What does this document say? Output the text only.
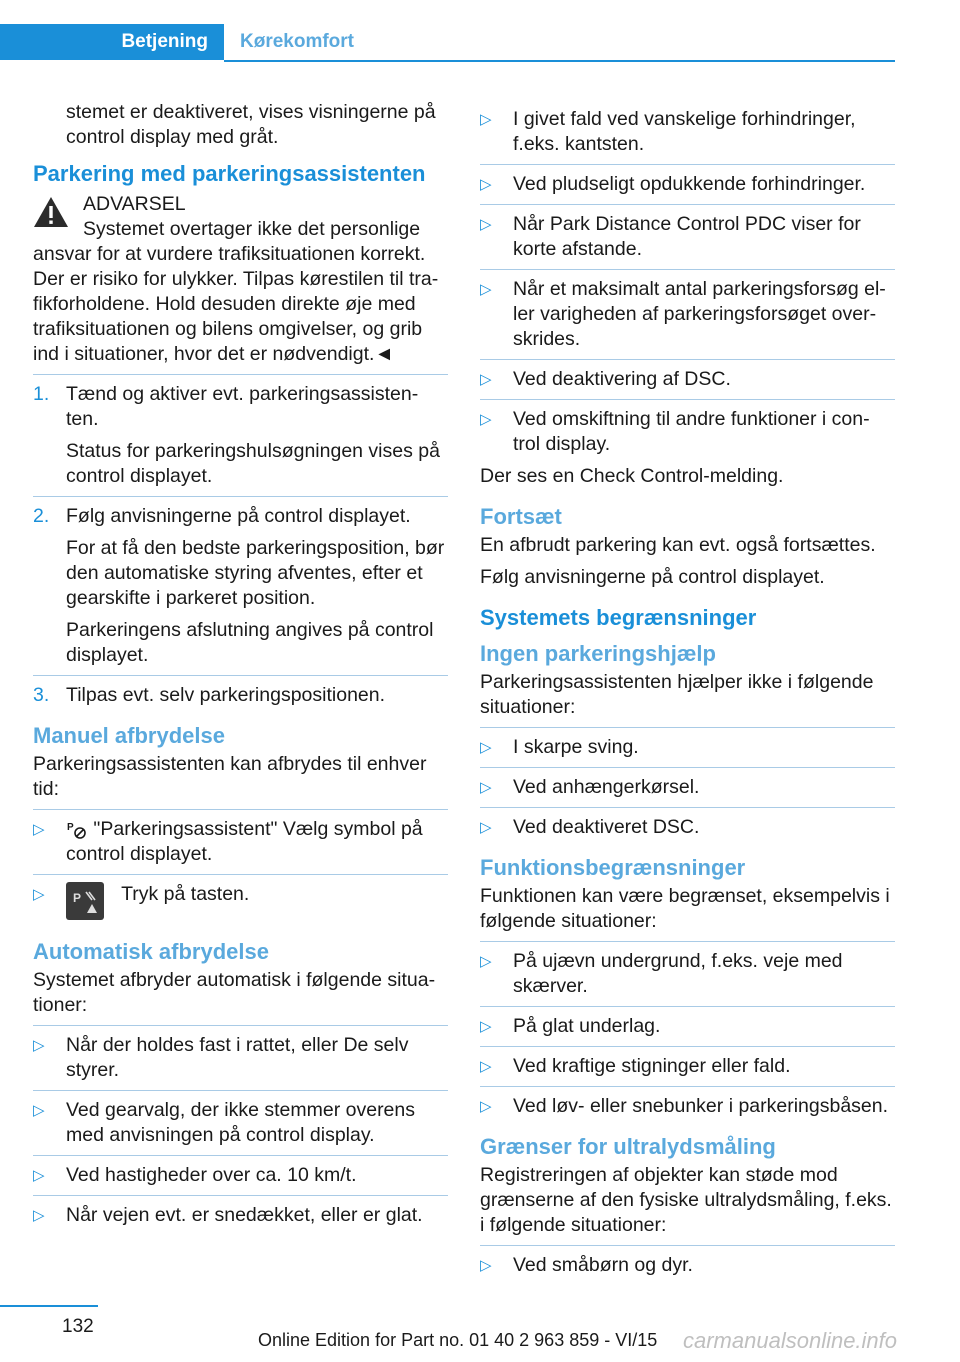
Betjening	Kørekomfort

stemet er deaktiveret, vises visningerne på control display med gråt.

Parkering med parkeringsassistenten
ADVARSEL
Systemet overtager ikke det personlige

ansvar for at vurdere trafiksituationen korrekt. Der er risiko for ulykker. Tilpas kørestilen til tra-fikforholdene. Hold desuden direkte øje med trafiksituationen og bilens omgivelser, og grib ind i situationer, hvor det er nødvendigt.◄

1. Tænd og aktiver evt. parkeringsassisten-ten.

Status for parkeringshulsøgningen vises på control displayet.

2. Følg anvisningerne på control displayet.

For at få den bedste parkeringsposition, bør den automatiske styring afventes, efter et gearskifte i parkeret position.

Parkeringens afslutning angives på control displayet.

3. Tilpas evt. selv parkeringspositionen.

Manuel afbrydelse

Parkeringsassistenten kan afbrydes til enhver tid:

▷ P "Parkeringsassistent" Vælg symbol på control displayet.
▷ P Tryk på tasten.
Automatisk afbrydelse

Systemet afbryder automatisk i følgende situa-tioner:

▷ Når der holdes fast i rattet, eller De selv styrer.
▷ Ved gearvalg, der ikke stemmer overens med anvisningen på control display.
▷ Ved hastigheder over ca. 10 km/t.
▷ Når vejen evt. er snedækket, eller er glat.
▷ I givet fald ved vanskelige forhindringer, f.eks. kantsten.
▷ Ved pludseligt opdukkende forhindringer.
▷ Når Park Distance Control PDC viser for korte afstande.
▷ Når et maksimalt antal parkeringsforsøg el-ler varigheden af parkeringsforsøget over-skrides.
▷ Ved deaktivering af DSC.
▷ Ved omskiftning til andre funktioner i con-trol display.

Der ses en Check Control-melding.

Fortsæt

En afbrudt parkering kan evt. også fortsættes.

Følg anvisningerne på control displayet.

Systemets begrænsninger
Ingen parkeringshjælp

Parkeringsassistenten hjælper ikke i følgende situationer:

▷ I skarpe sving.
▷ Ved anhængerkørsel.
▷ Ved deaktiveret DSC.
Funktionsbegrænsninger

Funktionen kan være begrænset, eksempelvis i følgende situationer:

▷ På ujævn undergrund, f.eks. veje med skærver.
▷ På glat underlag.
▷ Ved kraftige stigninger eller fald.
▷ Ved løv- eller snebunker i parkeringsbåsen.
Grænser for ultralydsmåling

Registreringen af objekter kan støde mod grænserne af den fysiske ultralydsmåling, f.eks. i følgende situationer:

▷ Ved småbørn og dyr.
132
Online Edition for Part no. 01 40 2 963 859 - VI/15 carmanualsonline.info
